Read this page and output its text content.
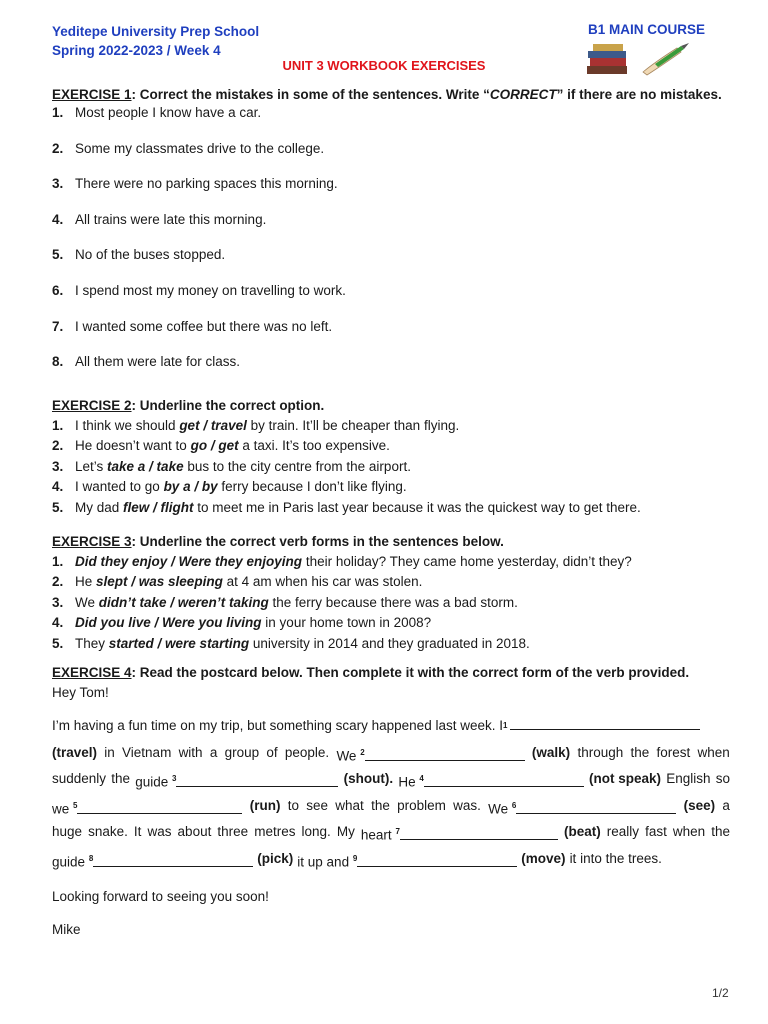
Yeditepe University Prep School
Spring 2022-2023 / Week 4
B1 MAIN COURSE
UNIT 3 WORKBOOK EXERCISES
EXERCISE 1: Correct the mistakes in some of the sentences. Write “CORRECT” if there are no mistakes.
1. Most people I know have a car.
2. Some my classmates drive to the college.
3. There were no parking spaces this morning.
4. All trains were late this morning.
5. No of the buses stopped.
6. I spend most my money on travelling to work.
7. I wanted some coffee but there was no left.
8. All them were late for class.
EXERCISE 2: Underline the correct option.
1. I think we should get / travel by train. It’ll be cheaper than flying.
2. He doesn’t want to go / get a taxi. It’s too expensive.
3. Let’s take a / take bus to the city centre from the airport.
4. I wanted to go by a / by ferry because I don’t like flying.
5. My dad flew / flight to meet me in Paris last year because it was the quickest way to get there.
EXERCISE 3: Underline the correct verb forms in the sentences below.
1. Did they enjoy / Were they enjoying their holiday? They came home yesterday, didn’t they?
2. He slept / was sleeping at 4 am when his car was stolen.
3. We didn’t take / weren’t taking the ferry because there was a bad storm.
4. Did you live / Were you living in your home town in 2008?
5. They started / were starting university in 2014 and they graduated in 2018.
EXERCISE 4: Read the postcard below. Then complete it with the correct form of the verb provided.
Hey Tom!
I’m having a fun time on my trip, but something scary happened last week. I 1
(travel) in Vietnam with a group of people. We $^2$	(walk) through the forest when
suddenly the guide $^3$	(shout). He $^4$	(not speak) English so
we $^5$	(run) to see what the problem was. We $^6$	(see) a
huge snake. It was about three metres long. My heart $^7$	(beat) really fast when the
guide $^8$	(pick) it up and $^9$	(move) it into the trees.
Looking forward to seeing you soon!
Mike
1/2
